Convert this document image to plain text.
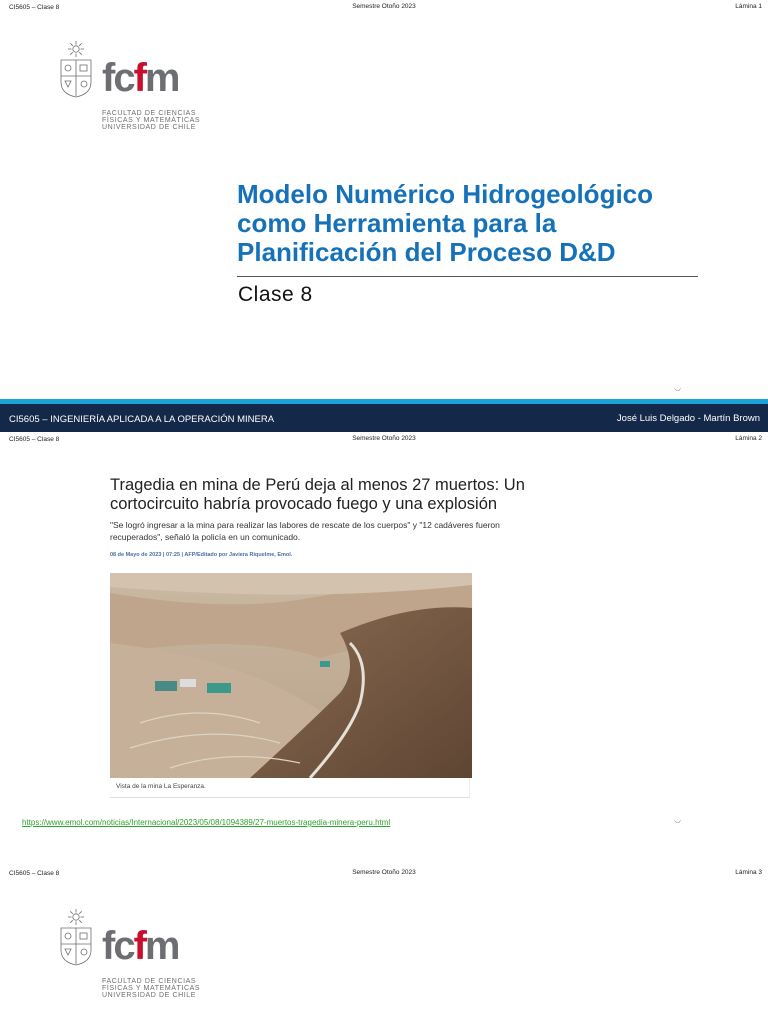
CI5605 – Clase 8	Semestre Otoño 2023	Lámina 1
fcfm
FACULTAD DE CIENCIAS
FÍSICAS Y MATEMÁTICAS
UNIVERSIDAD DE CHILE
Modelo Numérico Hidrogeológico como Herramienta para la Planificación del Proceso D&D
Clase 8
◡
CI5605 – INGENIERÍA APLICADA A LA OPERACIÓN MINERA	José Luis Delgado - Martín Brown
CI5605 – Clase 8	Semestre Otoño 2023	Lámina 2
Tragedia en mina de Perú deja al menos 27 muertos: Un cortocircuito habría provocado fuego y una explosión
"Se logró ingresar a la mina para realizar las labores de rescate de los cuerpos" y "12 cadáveres fueron recuperados", señaló la policía en un comunicado.
08 de Mayo de 2023 | 07:25 | AFP/Editado por Javiera Riquelme, Emol.
Vista de la mina La Esperanza.
https://www.emol.com/noticias/Internacional/2023/05/08/1094389/27-muertos-tragedia-minera-peru.html	◡
CI5605 – Clase 8	Semestre Otoño 2023	Lámina 3
fcfm
FACULTAD DE CIENCIAS
FÍSICAS Y MATEMÁTICAS
UNIVERSIDAD DE CHILE
